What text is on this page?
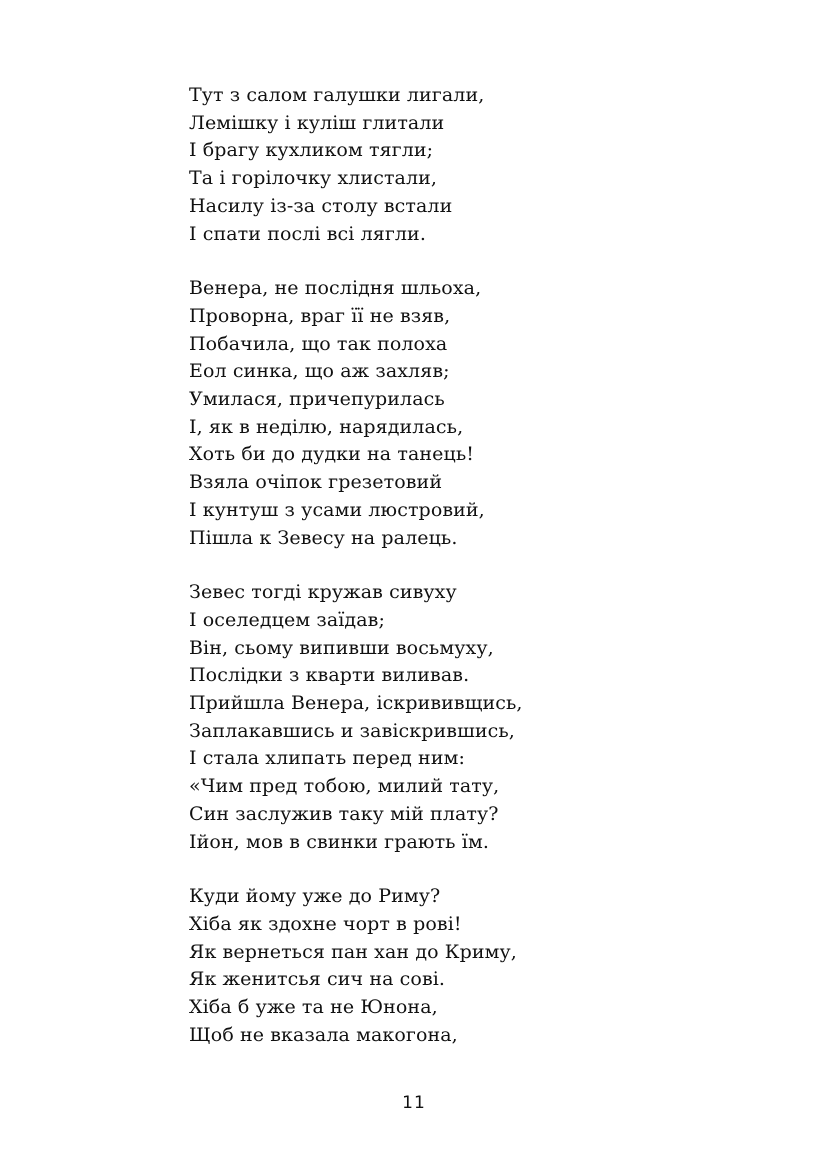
Тут з салом галушки лигали,
Лемішку і куліш глитали
І брагу кухликом тягли;
Та і горілочку хлистали,
Насилу із-за столу встали
І спати послі всі лягли.
Венера, не послідня шльоха,
Проворна, враг її не взяв,
Побачила, що так полоха
Еол синка, що аж захляв;
Умилася, причепурилась
І, як в неділю, нарядилась,
Хоть би до дудки на танець!
Взяла очіпок грезетовий
І кунтуш з усами люстровий,
Пішла к Зевесу на ралець.
Зевес тогді кружав сивуху
І оселедцем заїдав;
Він, сьому випивши восьмуху,
Послідки з кварти виливав.
Прийшла Венера, іскрививщись,
Заплакавшись и завіскрившись,
І стала хлипать перед ним:
«Чим пред тобою, милий тату,
Син заслужив таку мій плату?
Ійон, мов в свинки грають їм.
Куди йому уже до Риму?
Хіба як здохне чорт в рові!
Як вернеться пан хан до Криму,
Як женитсья сич на сові.
Хіба б уже та не Юнона,
Щоб не вказала макогона,
11
